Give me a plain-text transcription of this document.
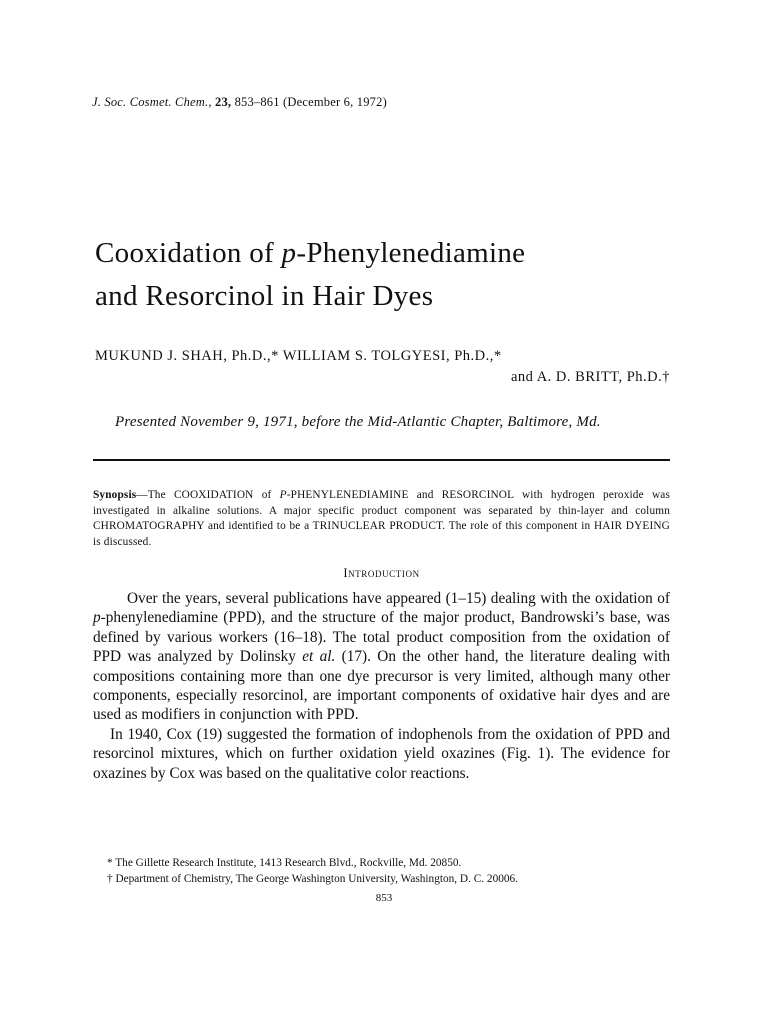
J. Soc. Cosmet. Chem., 23, 853–861 (December 6, 1972)
Cooxidation of p-Phenylenediamine
and Resorcinol in Hair Dyes
MUKUND J. SHAH, Ph.D.,* WILLIAM S. TOLGYESI, Ph.D.,*
and A. D. BRITT, Ph.D.†
Presented November 9, 1971, before the Mid-Atlantic Chapter, Baltimore, Md.
Synopsis—The COOXIDATION of P-PHENYLENEDIAMINE and RESORCINOL with hydrogen peroxide was investigated in alkaline solutions. A major specific product component was separated by thin-layer and column CHROMATOGRAPHY and identified to be a TRINUCLEAR PRODUCT. The role of this component in HAIR DYEING is discussed.
Introduction

Over the years, several publications have appeared (1–15) dealing with the oxidation of p-phenylenediamine (PPD), and the structure of the major product, Bandrowski’s base, was defined by various workers (16–18). The total product composition from the oxidation of PPD was analyzed by Dolinsky et al. (17). On the other hand, the literature dealing with compositions containing more than one dye precursor is very limited, although many other components, especially resorcinol, are important components of oxidative hair dyes and are used as modifiers in conjunction with PPD.

In 1940, Cox (19) suggested the formation of indophenols from the oxidation of PPD and resorcinol mixtures, which on further oxidation yield oxazines (Fig. 1). The evidence for oxazines by Cox was based on the qualitative color reactions.

* The Gillette Research Institute, 1413 Research Blvd., Rockville, Md. 20850.
† Department of Chemistry, The George Washington University, Washington, D. C. 20006.
853
